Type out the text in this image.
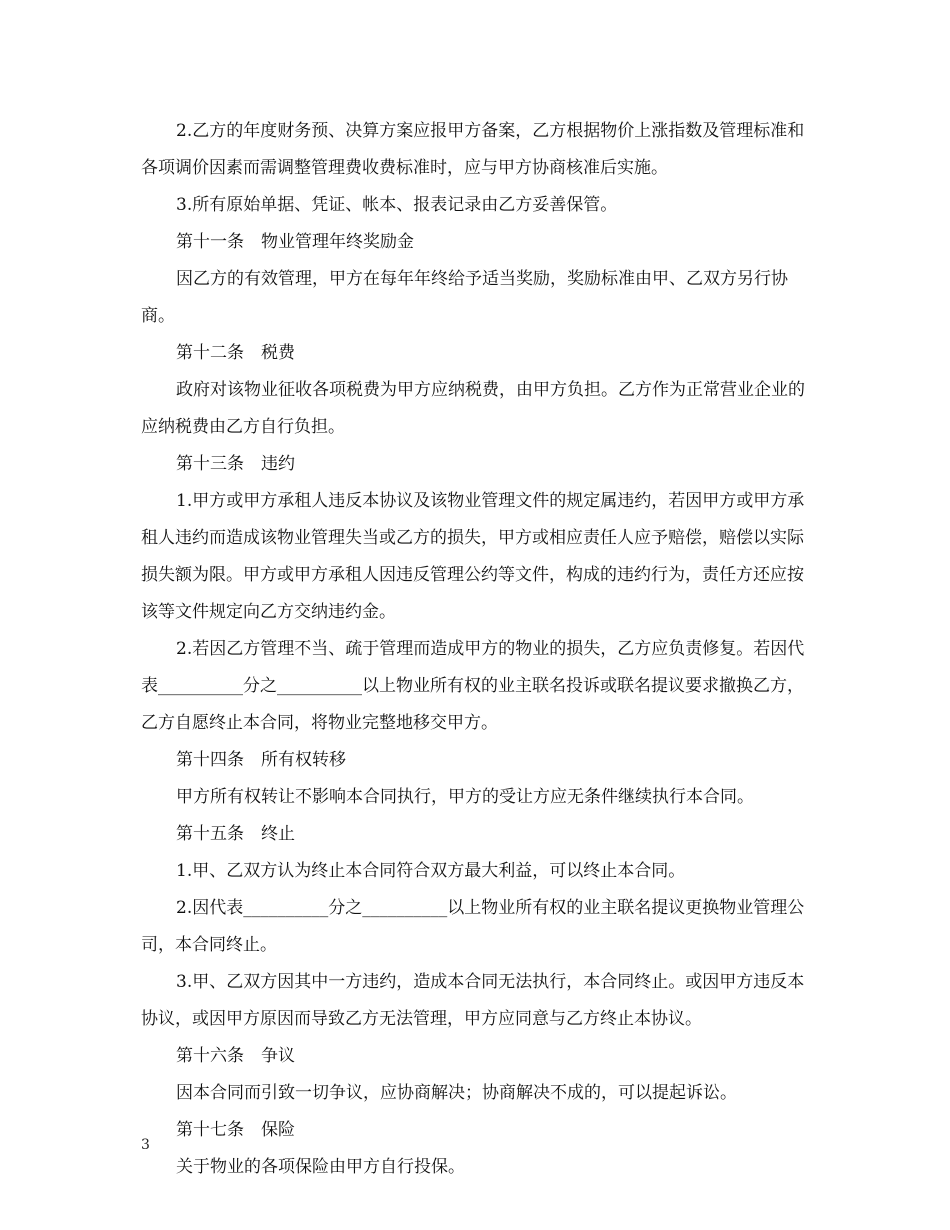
2.乙方的年度财务预、决算方案应报甲方备案，乙方根据物价上涨指数及管理标准和各项调价因素而需调整管理费收费标准时，应与甲方协商核准后实施。

3.所有原始单据、凭证、帐本、报表记录由乙方妥善保管。

第十一条　物业管理年终奖励金

因乙方的有效管理，甲方在每年年终给予适当奖励，奖励标准由甲、乙双方另行协商。

第十二条　税费

政府对该物业征收各项税费为甲方应纳税费，由甲方负担。乙方作为正常营业企业的应纳税费由乙方自行负担。

第十三条　违约

1.甲方或甲方承租人违反本协议及该物业管理文件的规定属违约，若因甲方或甲方承租人违约而造成该物业管理失当或乙方的损失，甲方或相应责任人应予赔偿，赔偿以实际损失额为限。甲方或甲方承租人因违反管理公约等文件，构成的违约行为，责任方还应按该等文件规定向乙方交纳违约金。

2.若因乙方管理不当、疏于管理而造成甲方的物业的损失，乙方应负责修复。若因代表__________分之__________以上物业所有权的业主联名投诉或联名提议要求撤换乙方，乙方自愿终止本合同，将物业完整地移交甲方。

第十四条　所有权转移

甲方所有权转让不影响本合同执行，甲方的受让方应无条件继续执行本合同。

第十五条　终止

1.甲、乙双方认为终止本合同符合双方最大利益，可以终止本合同。

2.因代表__________分之__________以上物业所有权的业主联名提议更换物业管理公司，本合同终止。

3.甲、乙双方因其中一方违约，造成本合同无法执行，本合同终止。或因甲方违反本协议，或因甲方原因而导致乙方无法管理，甲方应同意与乙方终止本协议。

第十六条　争议

因本合同而引致一切争议，应协商解决；协商解决不成的，可以提起诉讼。

第十七条　保险

关于物业的各项保险由甲方自行投保。

3
